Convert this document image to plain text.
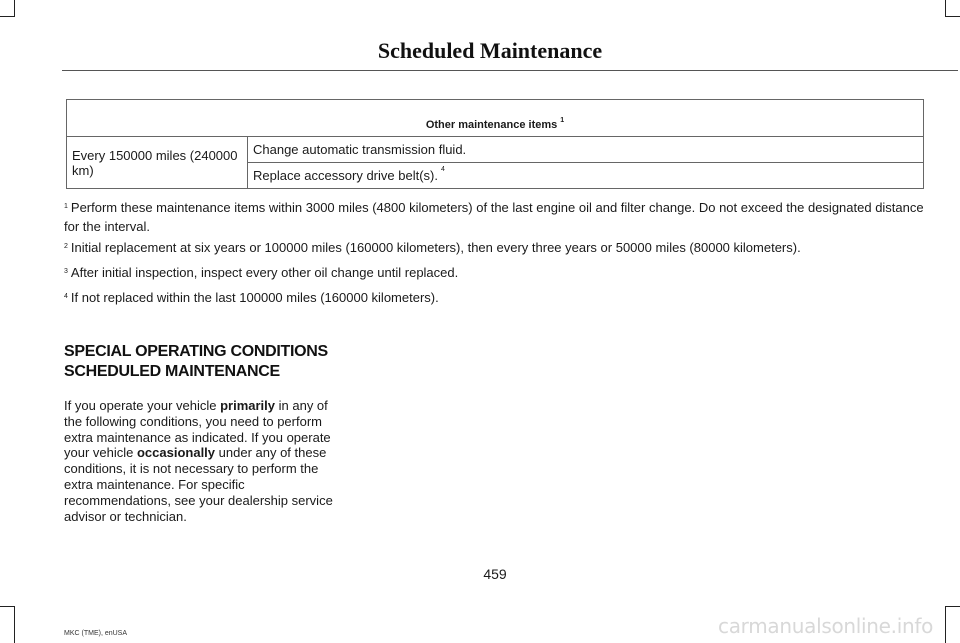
Scheduled Maintenance
Other maintenance items $^1$
Every 150000 miles (240000 km)	Change automatic transmission fluid.
Replace accessory drive belt(s). $^4$
$^1$ Perform these maintenance items within 3000 miles (4800 kilometers) of the last engine oil and filter change. Do not exceed the designated distance for the interval.
$^2$ Initial replacement at six years or 100000 miles (160000 kilometers), then every three years or 50000 miles (80000 kilometers).
$^3$ After initial inspection, inspect every other oil change until replaced.
$^4$ If not replaced within the last 100000 miles (160000 kilometers).
SPECIAL OPERATING CONDITIONS
SCHEDULED MAINTENANCE
If you operate your vehicle primarily in any of the following conditions, you need to perform extra maintenance as indicated. If you operate your vehicle occasionally under any of these conditions, it is not necessary to perform the extra maintenance. For specific recommendations, see your dealership service advisor or technician.
459
MKC (TME), enUSA	carmanualsonline.info
